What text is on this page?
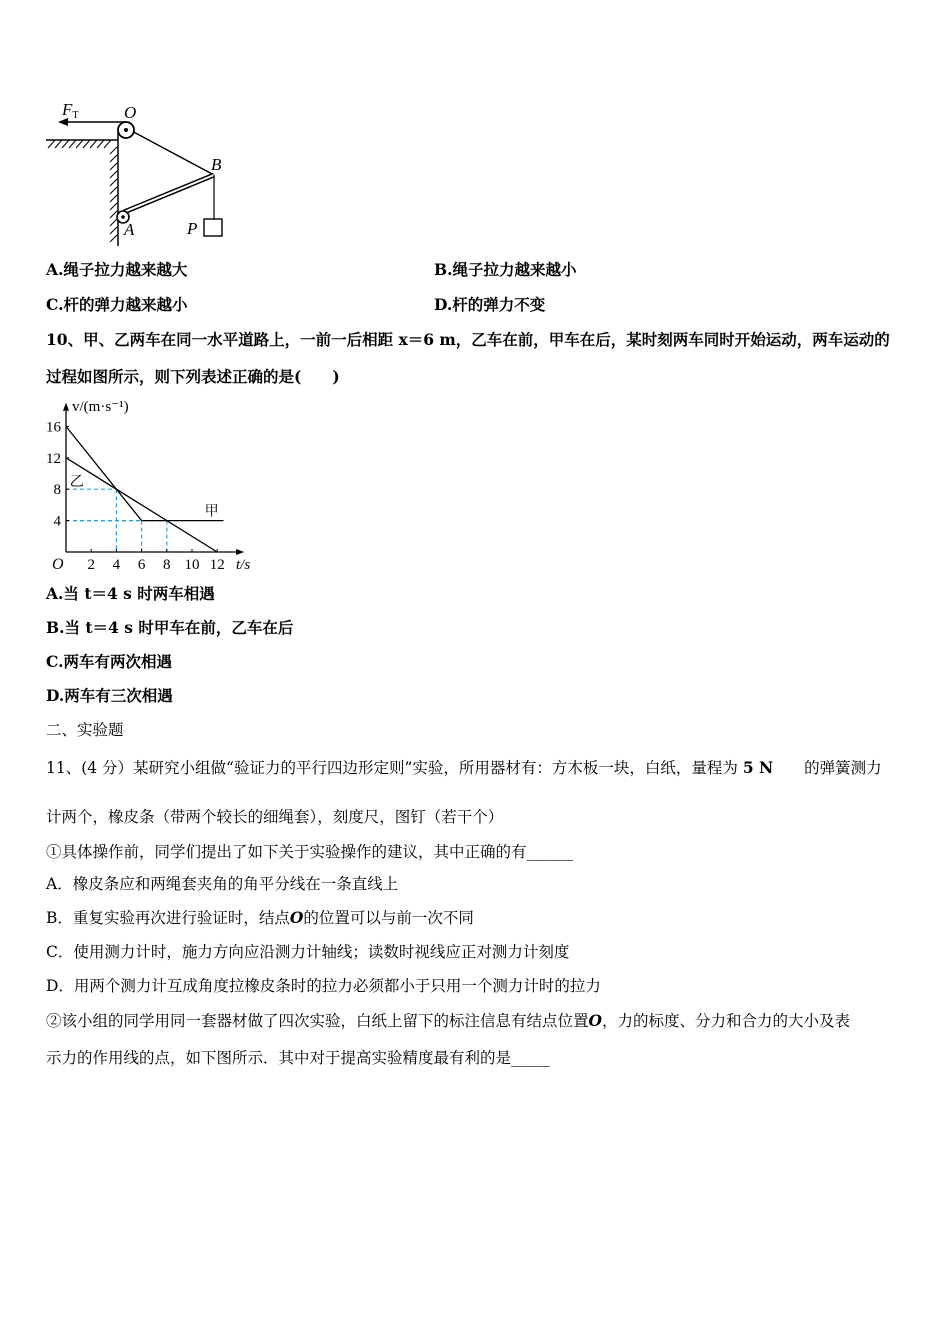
FT	O
B
A	P
A.绳子拉力越来越大	B.绳子拉力越来越小
C.杆的弹力越来越小	D.杆的弹力不变
10、甲、乙两车在同一水平道路上，一前一后相距 x＝6 m，乙车在前，甲车在后，某时刻两车同时开始运动，两车运动的
过程如图所示，则下列表述正确的是(　　)
甲
乙
2 4 6 8 10 12
4
8
12
16
v/(m·s⁻¹)
t/s
O
A.当 t＝4 s 时两车相遇
B.当 t＝4 s 时甲车在前，乙车在后
C.两车有两次相遇
D.两车有三次相遇
二、实验题
11、(4 分）某研究小组做“验证力的平行四边形定则”实验，所用器材有：方木板一块，白纸，量程为 5 N 的弹簧测力
计两个，橡皮条（带两个较长的细绳套），刻度尺，图钉（若干个）
①具体操作前，同学们提出了如下关于实验操作的建议，其中正确的有______
A．橡皮条应和两绳套夹角的角平分线在一条直线上
B．重复实验再次进行验证时，结点O的位置可以与前一次不同
C．使用测力计时，施力方向应沿测力计轴线；读数时视线应正对测力计刻度
D．用两个测力计互成角度拉橡皮条时的拉力必须都小于只用一个测力计时的拉力
②该小组的同学用同一套器材做了四次实验，白纸上留下的标注信息有结点位置O，力的标度、分力和合力的大小及表
示力的作用线的点，如下图所示．其中对于提高实验精度最有利的是_____
